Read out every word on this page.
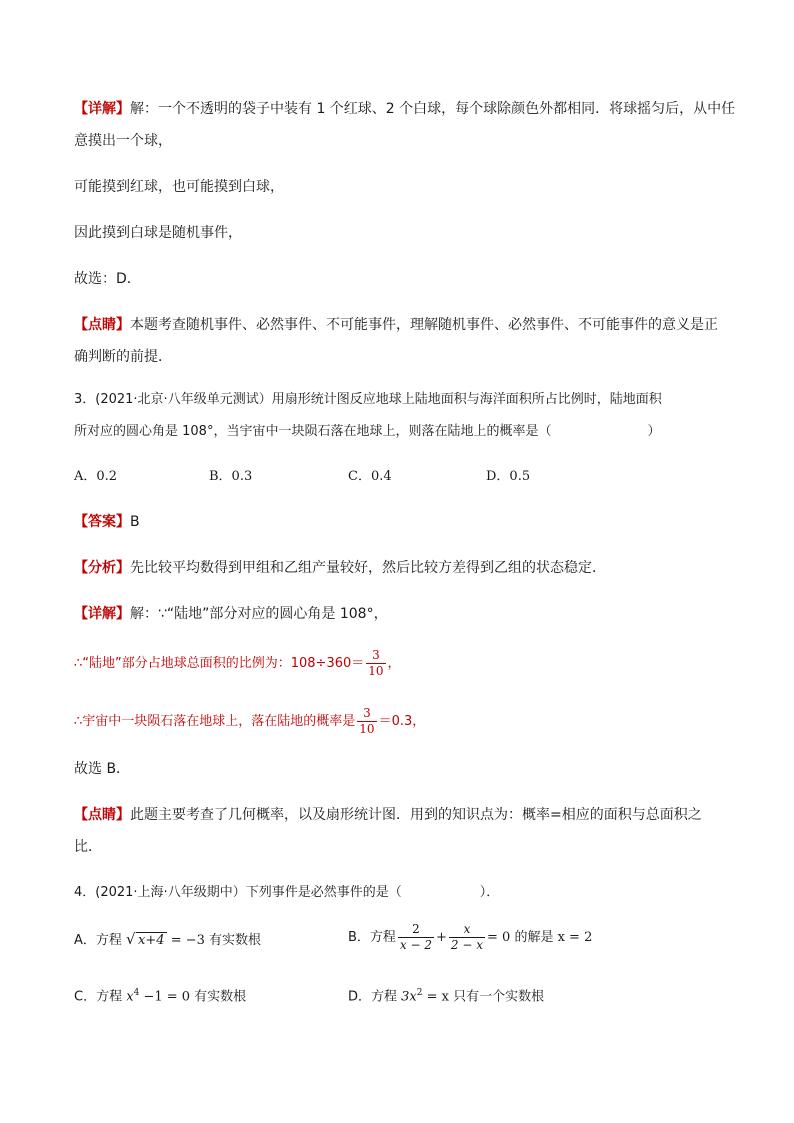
【详解】解：一个不透明的袋子中装有 1 个红球、2 个白球，每个球除颜色外都相同．将球摇匀后，从中任
意摸出一个球，
可能摸到红球，也可能摸到白球，
因此摸到白球是随机事件，
故选：D．
【点睛】本题考查随机事件、必然事件、不可能事件，理解随机事件、必然事件、不可能事件的意义是正
确判断的前提．
3．(2021·北京·八年级单元测试）用扇形统计图反应地球上陆地面积与海洋面积所占比例时，陆地面积
所对应的圆心角是 108°，当宇宙中一块陨石落在地球上，则落在陆地上的概率是（	）
A．0.2	B．0.3	C．0.4	D．0.5
【答案】B
【分析】先比较平均数得到甲组和乙组产量较好，然后比较方差得到乙组的状态稳定．
【详解】解：∵“陆地”部分对应的圆心角是 108°，
∴“陆地”部分占地球总面积的比例为：$108\div 360= \frac{3}{10}$ ，
∴宇宙中一块陨石落在地球上，落在陆地的概率是 $\frac{3}{10} =0.3$，
故选 B．
【点睛】此题主要考查了几何概率，以及扇形统计图．用到的知识点为：概率=相应的面积与总面积之
比．
4．(2021·上海·八年级期中）下列事件是必然事件的是（	）．
A．方程 √ x+4 = −3 有实数根	B．方程 $\frac{2}{x - 2} + \frac{x}{2 - x} = 0$ 的解是 x = 2
C．方程 $x^4 -1 = 0$ 有实数根	D．方程 $3x^2 = x$ 只有一个实数根
